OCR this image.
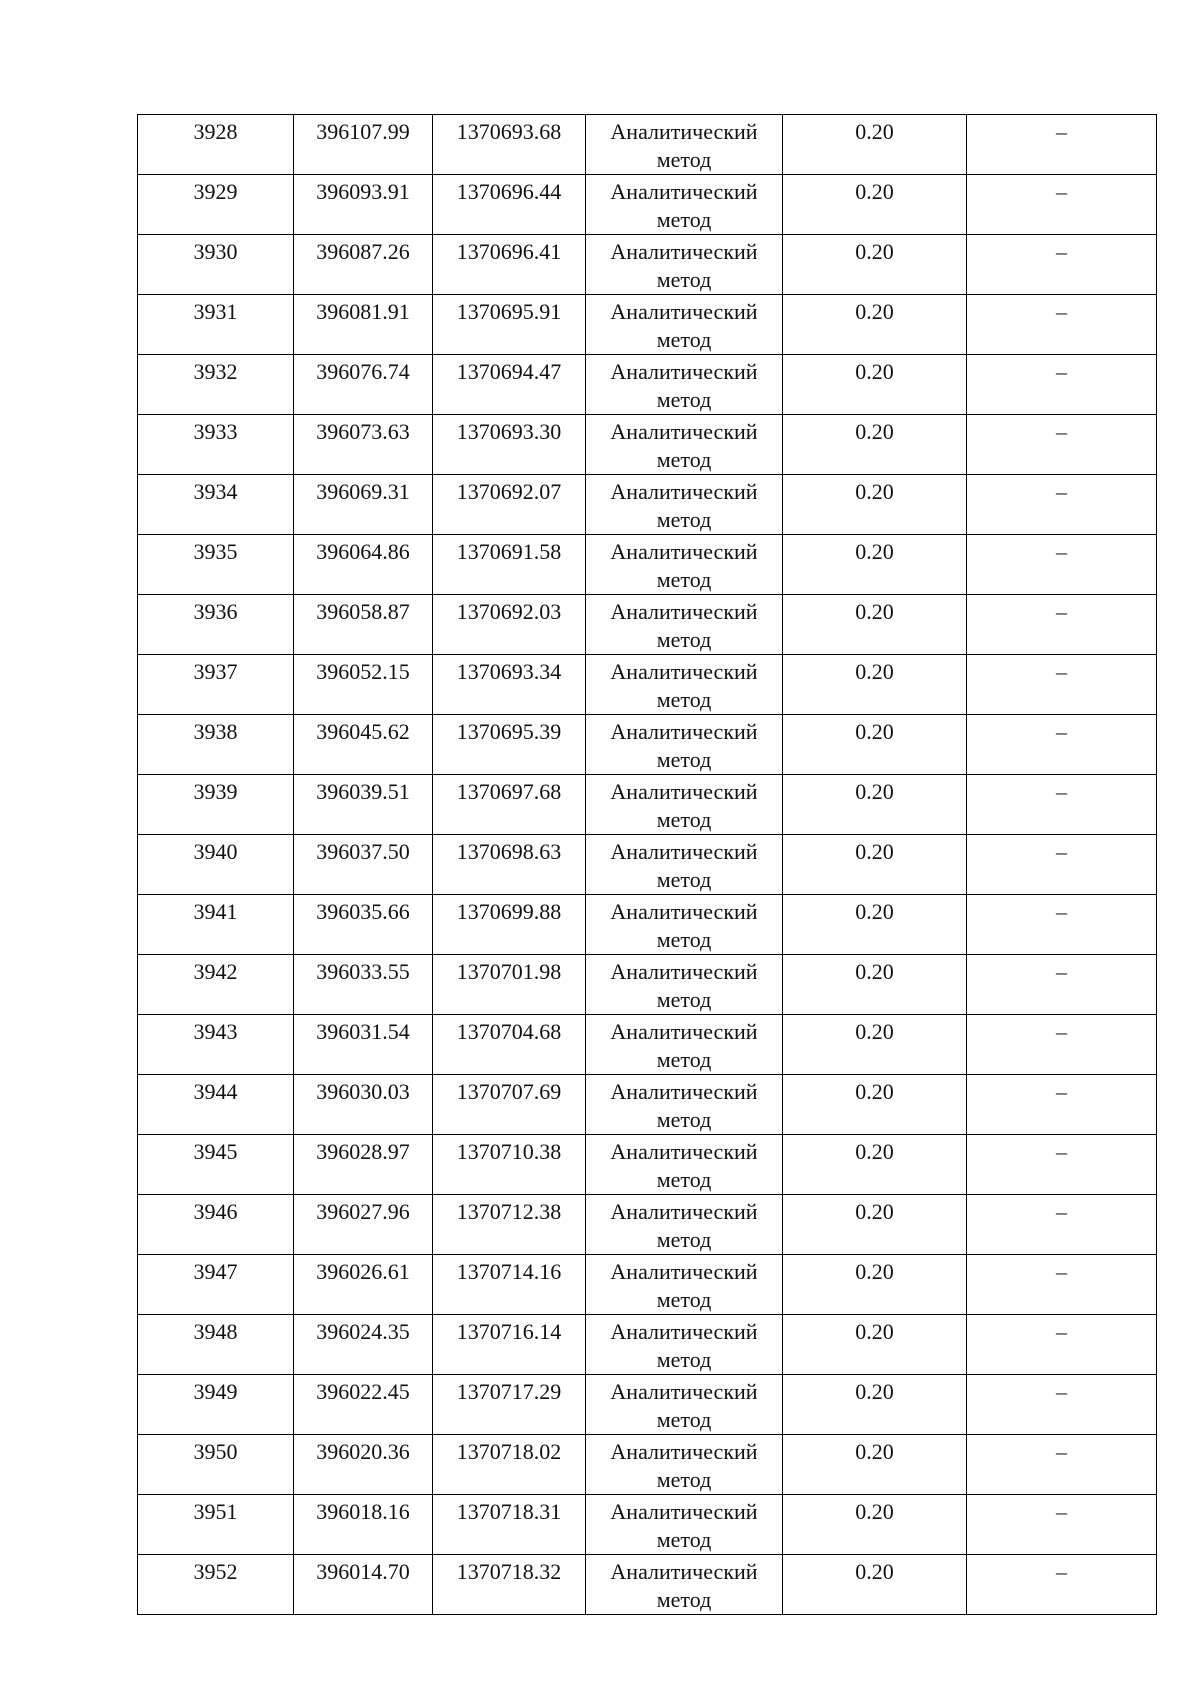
3928	396107.99	1370693.68	Аналитический метод	0.20	–
3929	396093.91	1370696.44	Аналитический метод	0.20	–
3930	396087.26	1370696.41	Аналитический метод	0.20	–
3931	396081.91	1370695.91	Аналитический метод	0.20	–
3932	396076.74	1370694.47	Аналитический метод	0.20	–
3933	396073.63	1370693.30	Аналитический метод	0.20	–
3934	396069.31	1370692.07	Аналитический метод	0.20	–
3935	396064.86	1370691.58	Аналитический метод	0.20	–
3936	396058.87	1370692.03	Аналитический метод	0.20	–
3937	396052.15	1370693.34	Аналитический метод	0.20	–
3938	396045.62	1370695.39	Аналитический метод	0.20	–
3939	396039.51	1370697.68	Аналитический метод	0.20	–
3940	396037.50	1370698.63	Аналитический метод	0.20	–
3941	396035.66	1370699.88	Аналитический метод	0.20	–
3942	396033.55	1370701.98	Аналитический метод	0.20	–
3943	396031.54	1370704.68	Аналитический метод	0.20	–
3944	396030.03	1370707.69	Аналитический метод	0.20	–
3945	396028.97	1370710.38	Аналитический метод	0.20	–
3946	396027.96	1370712.38	Аналитический метод	0.20	–
3947	396026.61	1370714.16	Аналитический метод	0.20	–
3948	396024.35	1370716.14	Аналитический метод	0.20	–
3949	396022.45	1370717.29	Аналитический метод	0.20	–
3950	396020.36	1370718.02	Аналитический метод	0.20	–
3951	396018.16	1370718.31	Аналитический метод	0.20	–
3952	396014.70	1370718.32	Аналитический метод	0.20	–
